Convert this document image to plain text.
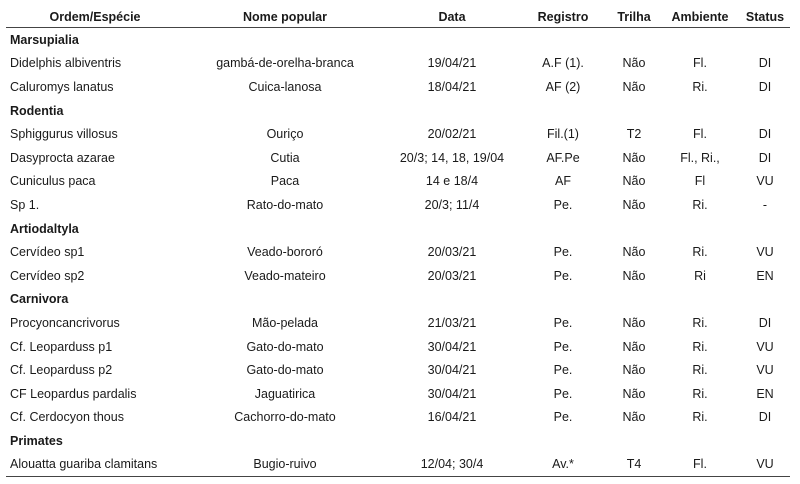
Ordem/Espécie	Nome popular	Data	Registro	Trilha	Ambiente	Status
Marsupialia						
Didelphis albiventris	gambá-de-orelha-branca	19/04/21	A.F (1).	Não	Fl.	DI
Caluromys lanatus	Cuica-lanosa	18/04/21	AF (2)	Não	Ri.	DI
Rodentia						
Sphiggurus villosus	Ouriço	20/02/21	Fil.(1)	T2	Fl.	DI
Dasyprocta azarae	Cutia	20/3; 14, 18, 19/04	AF.Pe	Não	Fl., Ri.,	DI
Cuniculus paca	Paca	14 e 18/4	AF	Não	Fl	VU
Sp 1.	Rato-do-mato	20/3; 11/4	Pe.	Não	Ri.	-
Artiodaltyla						
Cervídeo sp1	Veado-bororó	20/03/21	Pe.	Não	Ri.	VU
Cervídeo sp2	Veado-mateiro	20/03/21	Pe.	Não	Ri	EN
Carnivora						
Procyoncancrivorus	Mão-pelada	21/03/21	Pe.	Não	Ri.	DI
Cf. Leoparduss p1	Gato-do-mato	30/04/21	Pe.	Não	Ri.	VU
Cf. Leoparduss p2	Gato-do-mato	30/04/21	Pe.	Não	Ri.	VU
CF Leopardus pardalis	Jaguatirica	30/04/21	Pe.	Não	Ri.	EN
Cf. Cerdocyon thous	Cachorro-do-mato	16/04/21	Pe.	Não	Ri.	DI
Primates						
Alouatta guariba clamitans	Bugio-ruivo	12/04; 30/4	Av.*	T4	Fl.	VU
